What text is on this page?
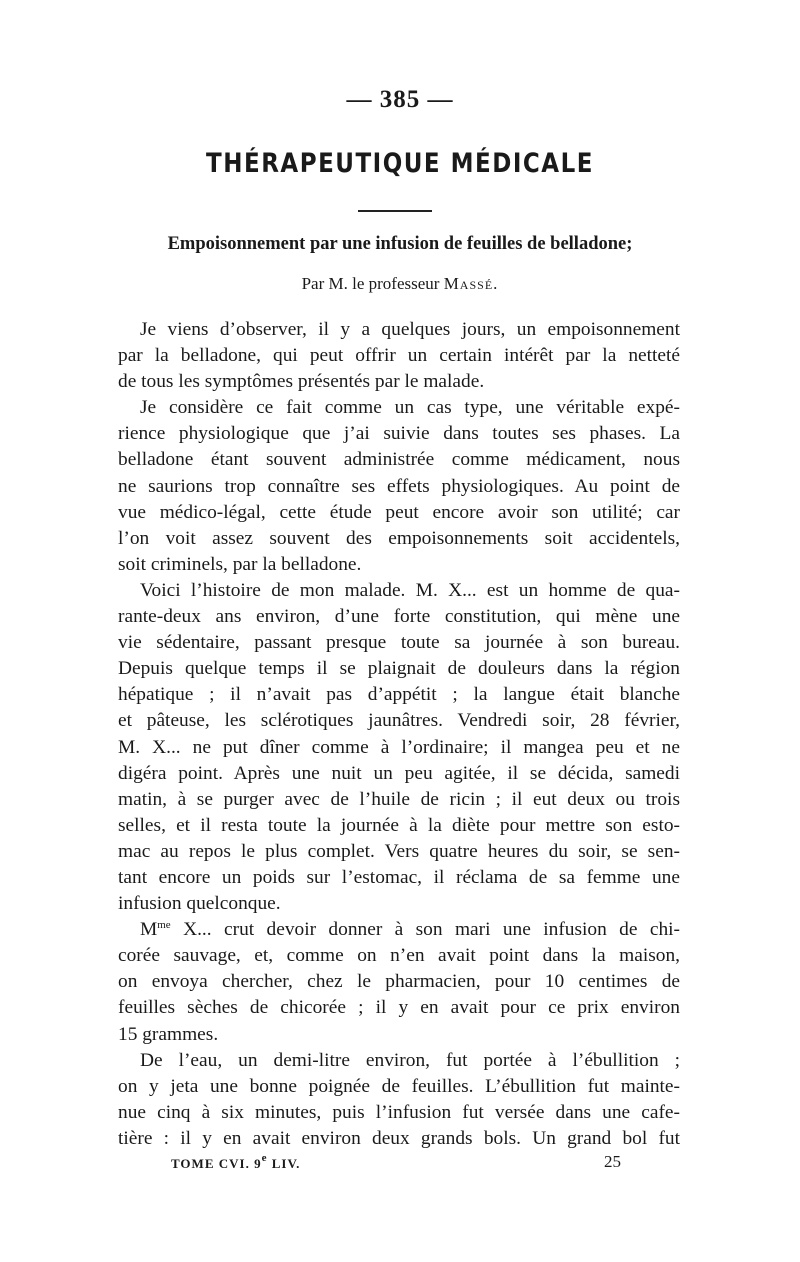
— 385 —
THÉRAPEUTIQUE MÉDICALE
Empoisonnement par une infusion de feuilles de belladone;
Par M. le professeur Massé.
Je viens d’observer, il y a quelques jours, un empoisonnement
par la belladone, qui peut offrir un certain intérêt par la netteté
de tous les symptômes présentés par le malade.
Je considère ce fait comme un cas type, une véritable expé-
rience physiologique que j’ai suivie dans toutes ses phases. La
belladone étant souvent administrée comme médicament, nous
ne saurions trop connaître ses effets physiologiques. Au point de
vue médico-légal, cette étude peut encore avoir son utilité; car
l’on voit assez souvent des empoisonnements soit accidentels,
soit criminels, par la belladone.
Voici l’histoire de mon malade. M. X... est un homme de qua-
rante-deux ans environ, d’une forte constitution, qui mène une
vie sédentaire, passant presque toute sa journée à son bureau.
Depuis quelque temps il se plaignait de douleurs dans la région
hépatique ; il n’avait pas d’appétit ; la langue était blanche
et pâteuse, les sclérotiques jaunâtres. Vendredi soir, 28 février,
M. X... ne put dîner comme à l’ordinaire; il mangea peu et ne
digéra point. Après une nuit un peu agitée, il se décida, samedi
matin, à se purger avec de l’huile de ricin ; il eut deux ou trois
selles, et il resta toute la journée à la diète pour mettre son esto-
mac au repos le plus complet. Vers quatre heures du soir, se sen-
tant encore un poids sur l’estomac, il réclama de sa femme une
infusion quelconque.
$M^{me}$ X... crut devoir donner à son mari une infusion de chi-
corée sauvage, et, comme on n’en avait point dans la maison,
on envoya chercher, chez le pharmacien, pour 10 centimes de
feuilles sèches de chicorée ; il y en avait pour ce prix environ
15 grammes.
De l’eau, un demi-litre environ, fut portée à l’ébullition ;
on y jeta une bonne poignée de feuilles. L’ébullition fut mainte-
nue cinq à six minutes, puis l’infusion fut versée dans une cafe-
tière : il y en avait environ deux grands bols. Un grand bol fut
TOME CVI. 9e LIV.	25
